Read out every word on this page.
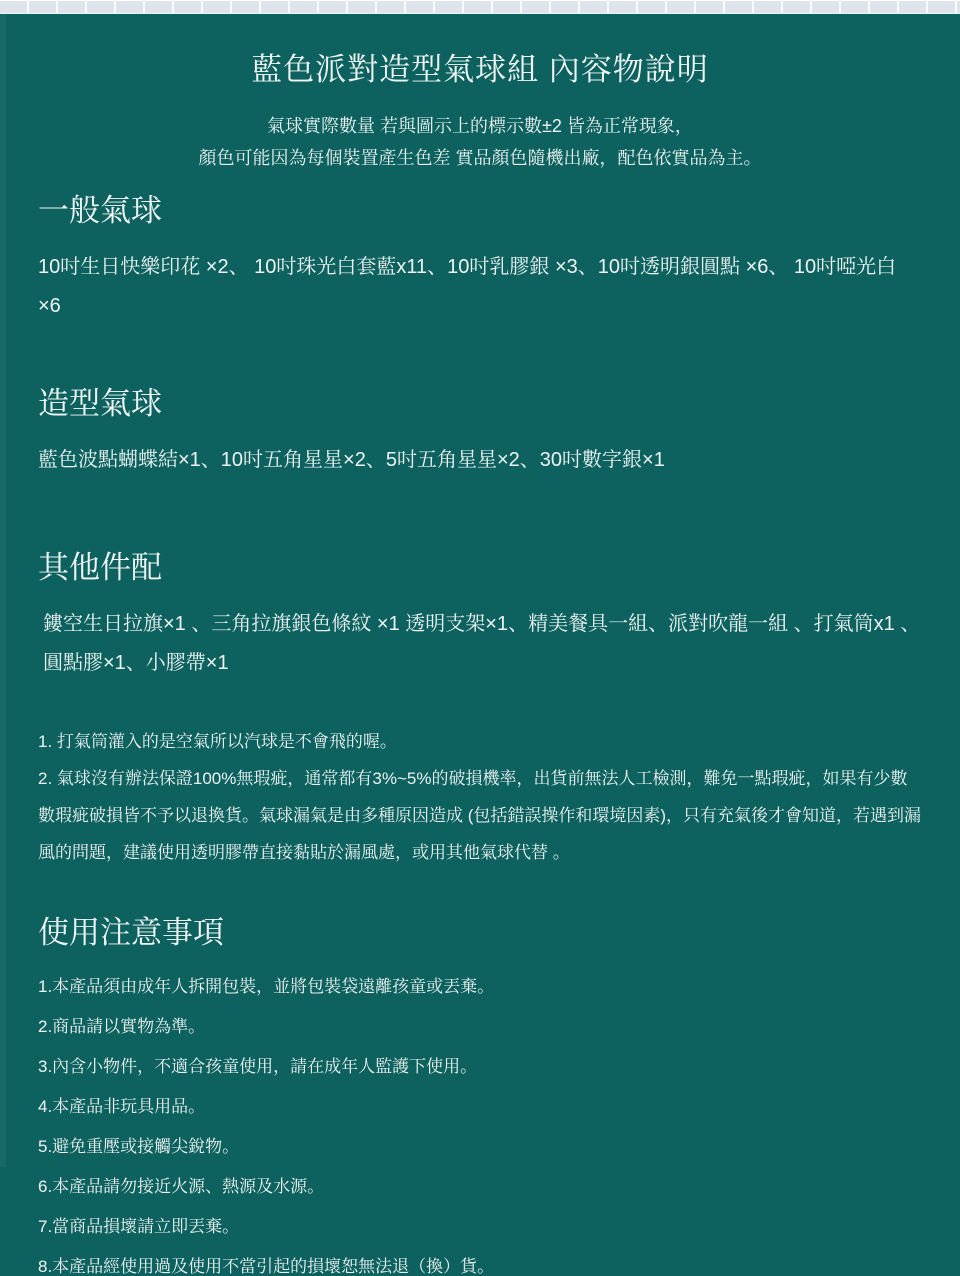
藍色派對造型氣球組 內容物說明
氣球實際數量 若與圖示上的標示數±2 皆為正常現象，
顏色可能因為每個裝置產生色差 實品顏色隨機出廠，配色依實品為主。
一般氣球

10吋生日快樂印花 ×2、 10吋珠光白套藍x11、10吋乳膠銀 ×3、10吋透明銀圓點 ×6、 10吋啞光白 ×6

造型氣球

藍色波點蝴蝶結×1、10吋五角星星×2、5吋五角星星×2、30吋數字銀×1

其他件配

鏤空生日拉旗×1 、三角拉旗銀色條紋 ×1 透明支架×1、精美餐具一組、派對吹龍一組 、打氣筒x1 、圓點膠×1、小膠帶×1

1. 打氣筒灌入的是空氣所以汽球是不會飛的喔。

2. 氣球沒有辦法保證100%無瑕疵，通常都有3%~5%的破損機率，出貨前無法人工檢測，難免一點瑕疵，如果有少數數瑕疵破損皆不予以退換貨。氣球漏氣是由多種原因造成 (包括錯誤操作和環境因素)，只有充氣後才會知道，若遇到漏風的問題，建議使用透明膠帶直接黏貼於漏風處，或用其他氣球代替 。

使用注意事項
1.本產品須由成年人拆開包裝，並將包裝袋遠離孩童或丟棄。
2.商品請以實物為準。
3.內含小物件，不適合孩童使用，請在成年人監護下使用。
4.本產品非玩具用品。
5.避免重壓或接觸尖銳物。
6.本產品請勿接近火源、熱源及水源。
7.當商品損壞請立即丟棄。
8.本產品經使用過及使用不當引起的損壞恕無法退（換）貨。
